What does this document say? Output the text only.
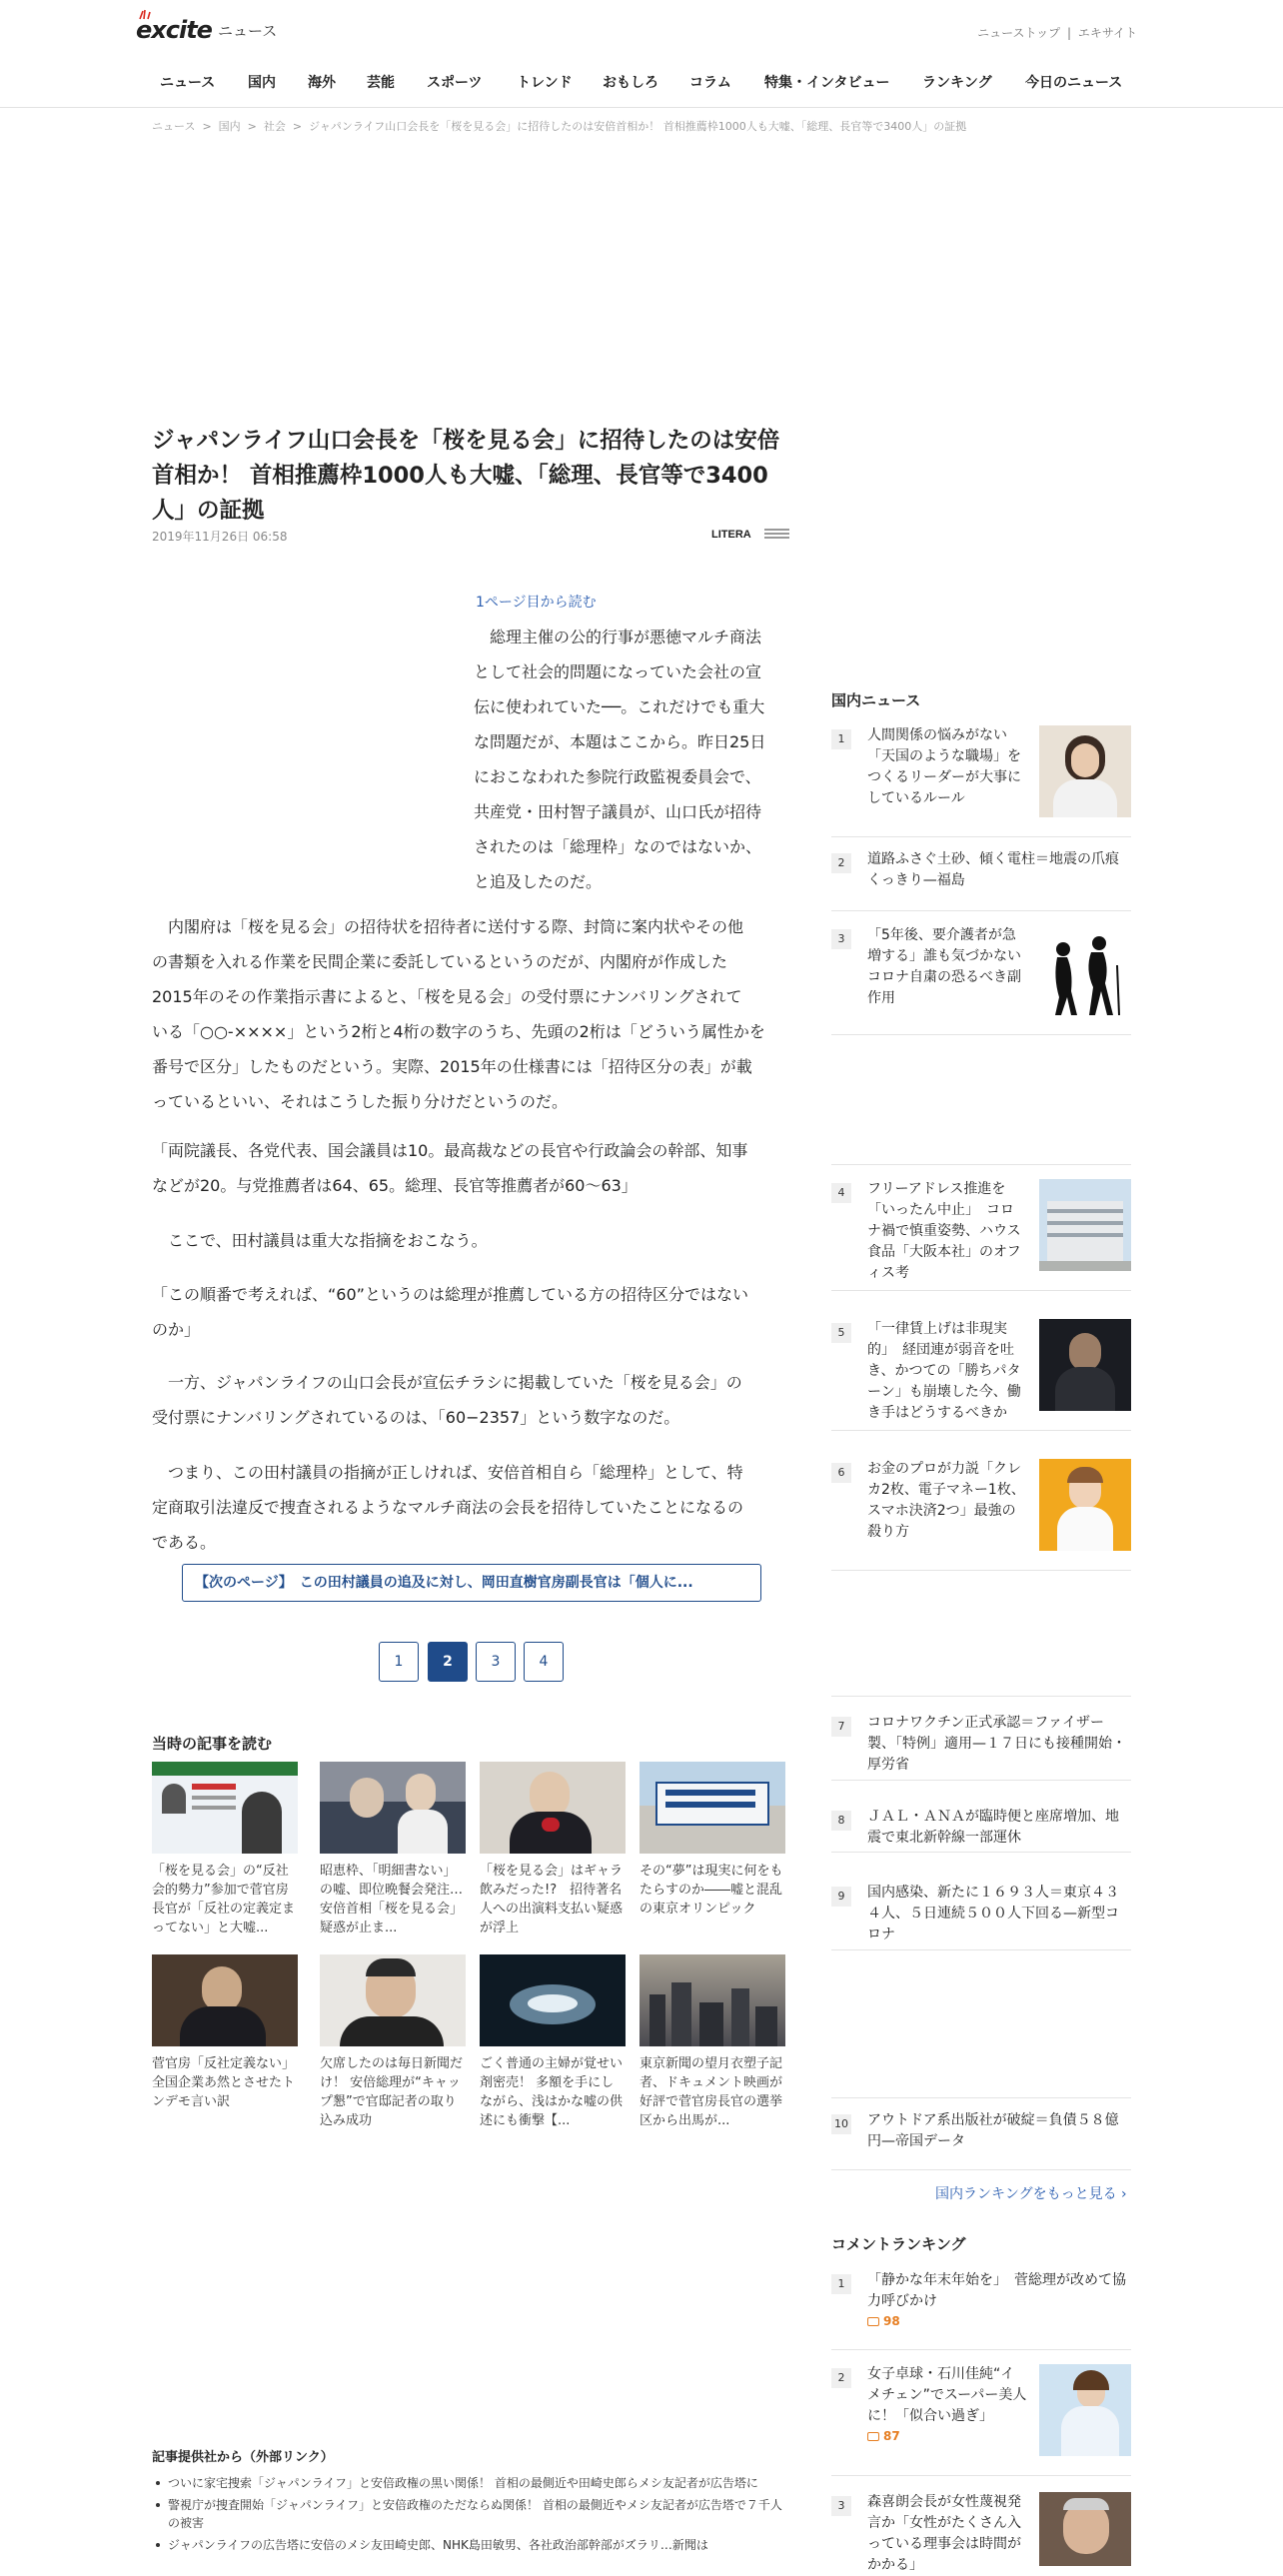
excite ニュース	ニューストップ | エキサイト
ニュース 国内 海外 芸能 スポーツ トレンド おもしろ コラム 特集・インタビュー ランキング 今日のニュース
ニュース > 国内 > 社会 > ジャパンライフ山口会長を「桜を見る会」に招待したのは安倍首相か！ 首相推薦枠1000人も大嘘、「総理、長官等で3400人」の証拠
ジャパンライフ山口会長を「桜を見る会」に招待したのは安倍首相か！ 首相推薦枠1000人も大嘘、「総理、長官等で3400人」の証拠
2019年11月26日 06:58	LITERA
1ページ目から読む
　総理主催の公的行事が悪徳マルチ商法
として社会的問題になっていた会社の宣
伝に使われていた──。これだけでも重大
な問題だが、本題はここから。昨日25日
におこなわれた参院行政監視委員会で、
共産党・田村智子議員が、山口氏が招待
されたのは「総理枠」なのではないか、
と追及したのだ。
　内閣府は「桜を見る会」の招待状を招待者に送付する際、封筒に案内状やその他
の書類を入れる作業を民間企業に委託しているというのだが、内閣府が作成した
2015年のその作業指示書によると、「桜を見る会」の受付票にナンバリングされて
いる「○○-××××」という2桁と4桁の数字のうち、先頭の2桁は「どういう属性かを
番号で区分」したものだという。実際、2015年の仕様書には「招待区分の表」が載
っているといい、それはこうした振り分けだというのだ。
「両院議長、各党代表、国会議員は10。最高裁などの長官や行政論会の幹部、知事
などが20。与党推薦者は64、65。総理、長官等推薦者が60～63」
　ここで、田村議員は重大な指摘をおこなう。
「この順番で考えれば、“60”というのは総理が推薦している方の招待区分ではない
のか」
　一方、ジャパンライフの山口会長が宣伝チラシに掲載していた「桜を見る会」の
受付票にナンバリングされているのは、「60−2357」という数字なのだ。
　つまり、この田村議員の指摘が正しければ、安倍首相自ら「総理枠」として、特
定商取引法違反で捜査されるようなマルチ商法の会長を招待していたことになるの
である。
【次のページ】　この田村議員の追及に対し、岡田直樹官房副長官は「個人に...
1	2	3	4
当時の記事を読む
「桜を見る会」の“反社会的勢力”参加で菅官房長官が「反社の定義定まってない」と大嘘...
昭恵枠、「明細書ない」の嘘、即位晩餐会発注…安倍首相「桜を見る会」疑惑が止ま...
「桜を見る会」はギャラ飲みだった!?　招待著名人への出演料支払い疑惑が浮上
その“夢”は現実に何をもたらすのか――嘘と混乱の東京オリンピック
菅官房「反社定義ない」全国企業あ然とさせたトンデモ言い訳
欠席したのは毎日新聞だけ！ 安倍総理が“キャップ懇”で官邸記者の取り込み成功
ごく普通の主婦が覚せい剤密売！ 多額を手にしながら、浅はかな嘘の供述にも衝撃【...
東京新聞の望月衣塑子記者、ドキュメント映画が好評で菅官房長官の選挙区から出馬が...
記事提供社から（外部リンク）
ついに家宅捜索「ジャパンライフ」と安倍政権の黒い関係！ 首相の最側近や田崎史郎らメシ友記者が広告塔に
警視庁が捜査開始「ジャパンライフ」と安倍政権のただならぬ関係！ 首相の最側近やメシ友記者が広告塔で７千人の被害
ジャパンライフの広告塔に安倍のメシ友田崎史郎、NHK島田敏男、各社政治部幹部がズラリ…新聞は
国内ニュース
1	人間関係の悩みがない「天国のような職場」をつくるリーダーが大事にしているルール
2	道路ふさぐ土砂、傾く電柱＝地震の爪痕くっきり—福島
3	「5年後、要介護者が急増する」誰も気づかないコロナ自粛の恐るべき副作用
4	フリーアドレス推進を「いったん中止」　コロナ禍で慎重姿勢、ハウス食品「大阪本社」のオフィス考
5	「一律賃上げは非現実的」　経団連が弱音を吐き、かつての「勝ちパターン」も崩壊した今、働き手はどうするべきか
6	お金のプロが力説「クレカ2枚、電子マネー1枚、スマホ決済2つ」最強の殺り方
7	コロナワクチン正式承認＝ファイザー製、「特例」適用—１７日にも接種開始・厚労省
8	ＪＡＬ・ＡＮＡが臨時便と座席増加、地震で東北新幹線一部運休
9	国内感染、新たに１６９３人＝東京４３４人、５日連続５００人下回る—新型コロナ
10 アウトドア系出版社が破綻＝負債５８億円—帝国データ
国内ランキングをもっと見る ›
コメントランキング
1	「静かな年末年始を」　菅総理が改めて協力呼びかけ
98
2	女子卓球・石川佳純“イメチェン”でスーパー美人に！「似合い過ぎ」
87
3	森喜朗会長が女性蔑視発言か「女性がたくさん入っている理事会は時間がかかる」
